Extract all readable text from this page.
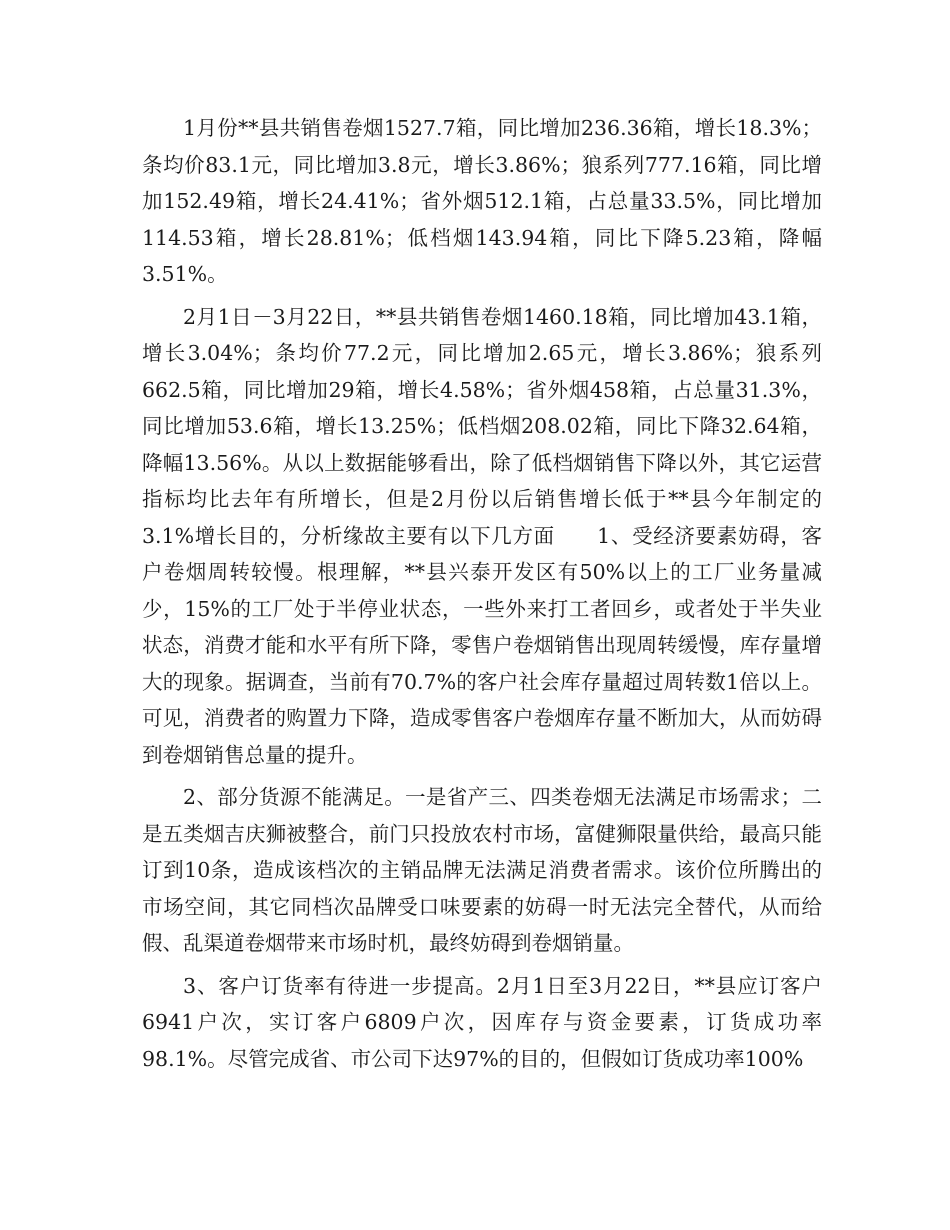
1月份**县共销售卷烟1527.7箱，同比增加236.36箱，增长18.3%；条均价83.1元，同比增加3.8元，增长3.86%；狼系列777.16箱，同比增加152.49箱，增长24.41%；省外烟512.1箱，占总量33.5%，同比增加114.53箱，增长28.81%；低档烟143.94箱，同比下降5.23箱，降幅3.51%。

2月1日－3月22日，**县共销售卷烟1460.18箱，同比增加43.1箱，增长3.04%；条均价77.2元，同比增加2.65元，增长3.86%；狼系列662.5箱，同比增加29箱，增长4.58%；省外烟458箱，占总量31.3%，同比增加53.6箱，增长13.25%；低档烟208.02箱，同比下降32.64箱，降幅13.56%。从以上数据能够看出，除了低档烟销售下降以外，其它运营指标均比去年有所增长，但是2月份以后销售增长低于**县今年制定的3.1%增长目的，分析缘故主要有以下几方面　　1、受经济要素妨碍，客户卷烟周转较慢。根理解，**县兴泰开发区有50%以上的工厂业务量减少，15%的工厂处于半停业状态，一些外来打工者回乡，或者处于半失业状态，消费才能和水平有所下降，零售户卷烟销售出现周转缓慢，库存量增大的现象。据调查，当前有70.7%的客户社会库存量超过周转数1倍以上。可见，消费者的购置力下降，造成零售客户卷烟库存量不断加大，从而妨碍到卷烟销售总量的提升。

2、部分货源不能满足。一是省产三、四类卷烟无法满足市场需求；二是五类烟吉庆狮被整合，前门只投放农村市场，富健狮限量供给，最高只能订到10条，造成该档次的主销品牌无法满足消费者需求。该价位所腾出的市场空间，其它同档次品牌受口味要素的妨碍一时无法完全替代，从而给假、乱渠道卷烟带来市场时机，最终妨碍到卷烟销量。

3、客户订货率有待进一步提高。2月1日至3月22日，**县应订客户6941户次，实订客户6809户次，因库存与资金要素，订货成功率98.1%。尽管完成省、市公司下达97%的目的，但假如订货成功率100%
